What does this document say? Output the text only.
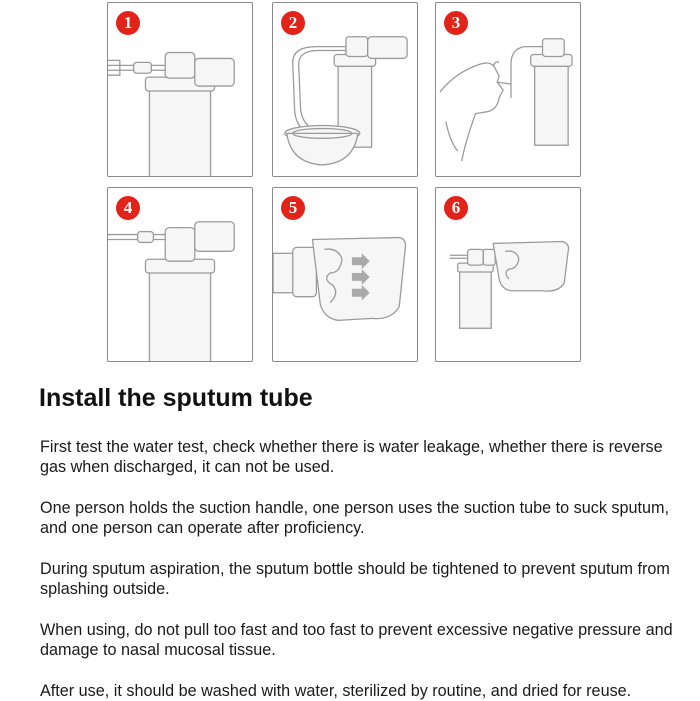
1	2	3
4	5	6
Install the sputum tube

First test the water test, check whether there is water leakage, whether there is reverse gas when discharged, it can not be used.

One person holds the suction handle, one person uses the suction tube to suck sputum, and one person can operate after proficiency.

During sputum aspiration, the sputum bottle should be tightened to prevent sputum from splashing outside.

When using, do not pull too fast and too fast to prevent excessive negative pressure and damage to nasal mucosal tissue.

After use, it should be washed with water, sterilized by routine, and dried for reuse.
